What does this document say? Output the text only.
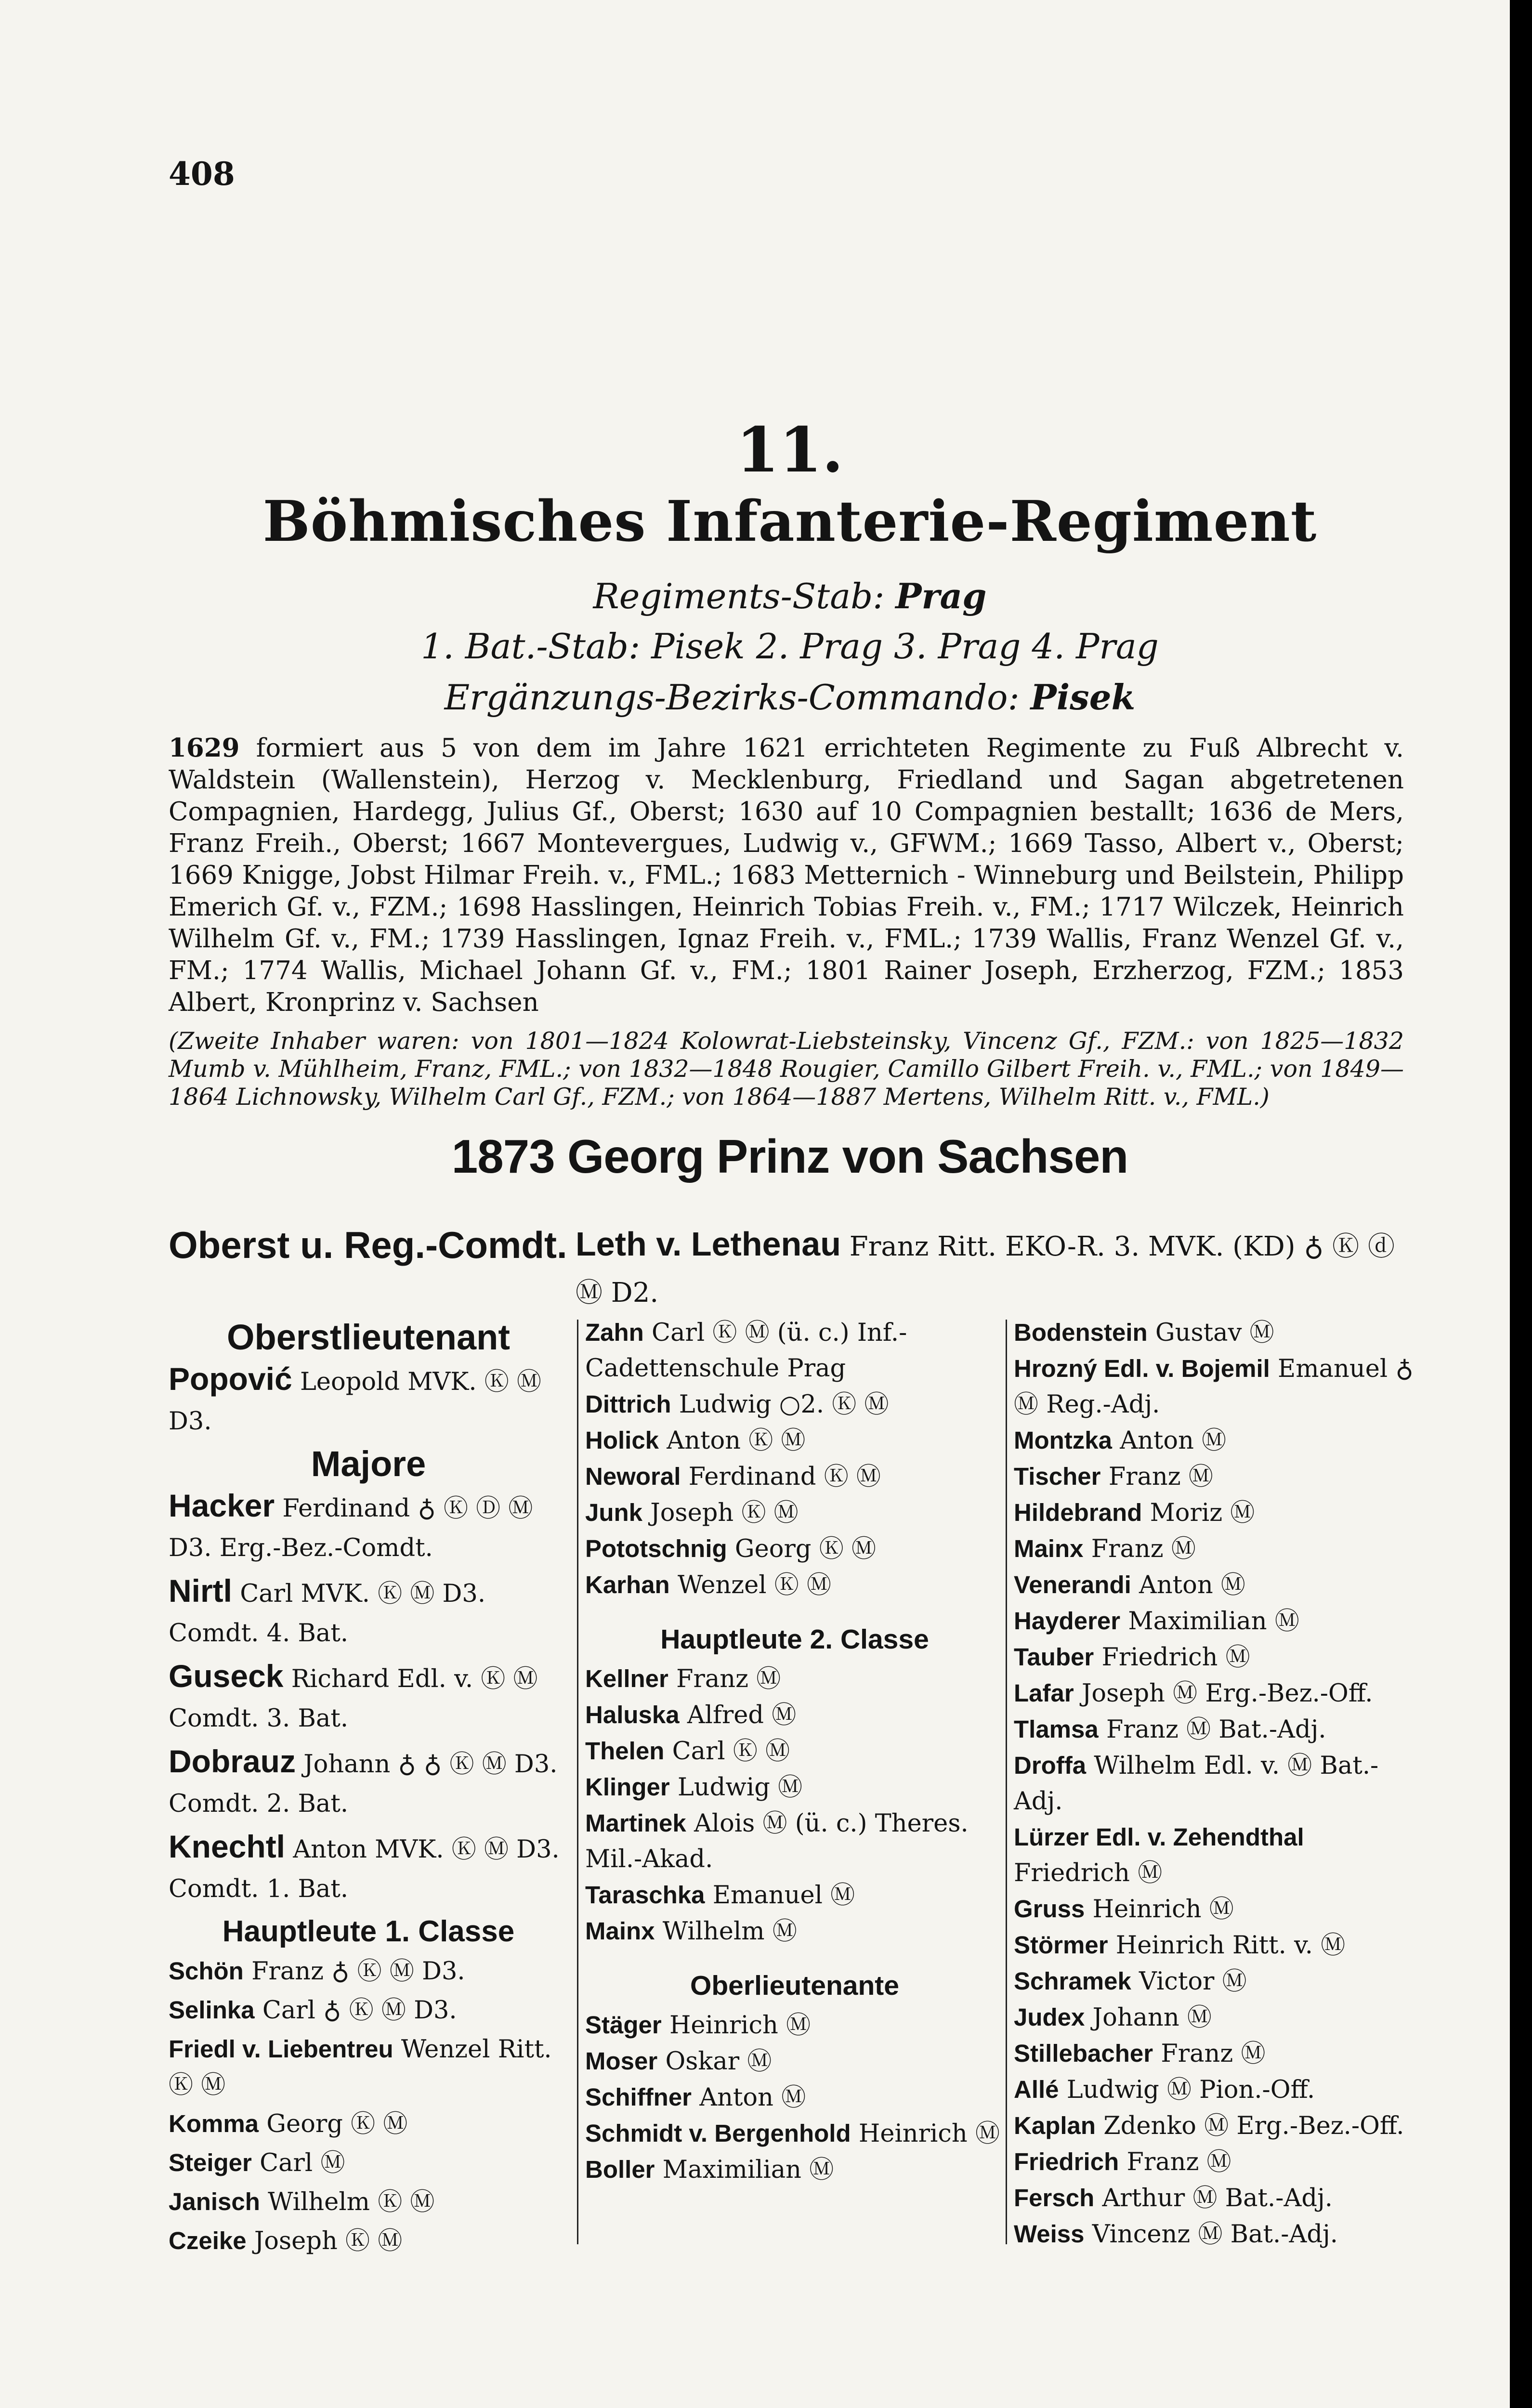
408
11.
Böhmisches Infanterie-Regiment
Regiments-Stab: Prag
1. Bat.-Stab: Pisek 2. Prag 3. Prag 4. Prag
Ergänzungs-Bezirks-Commando: Pisek
1629 formiert aus 5 von dem im Jahre 1621 errichteten Regimente zu Fuß Albrecht v. Waldstein (Wallenstein), Herzog v. Mecklenburg, Friedland und Sagan abgetretenen Compagnien, Hardegg, Julius Gf., Oberst; 1630 auf 10 Compagnien bestallt; 1636 de Mers, Franz Freih., Oberst; 1667 Montevergues, Ludwig v., GFWM.; 1669 Tasso, Albert v., Oberst; 1669 Knigge, Jobst Hilmar Freih. v., FML.; 1683 Metternich - Winneburg und Beilstein, Philipp Emerich Gf. v., FZM.; 1698 Hasslingen, Heinrich Tobias Freih. v., FM.; 1717 Wilczek, Heinrich Wilhelm Gf. v., FM.; 1739 Hasslingen, Ignaz Freih. v., FML.; 1739 Wallis, Franz Wenzel Gf. v., FM.; 1774 Wallis, Michael Johann Gf. v., FM.; 1801 Rainer Joseph, Erzherzog, FZM.; 1853 Albert, Kronprinz v. Sachsen
(Zweite Inhaber waren: von 1801—1824 Kolowrat-Liebsteinsky, Vincenz Gf., FZM.: von 1825—1832 Mumb v. Mühlheim, Franz, FML.; von 1832—1848 Rougier, Camillo Gilbert Freih. v., FML.; von 1849—1864 Lichnowsky, Wilhelm Carl Gf., FZM.; von 1864—1887 Mertens, Wilhelm Ritt. v., FML.)
1873 Georg Prinz von Sachsen
Oberst u. Reg.-Comdt. Leth v. Lethenau Franz Ritt. EKO-R. 3. MVK. (KD) ♁ Ⓚ ⓓ
Ⓜ D2.
Oberstlieutenant
Popović Leopold MVK. Ⓚ Ⓜ D3.
Majore
Hacker Ferdinand ♁ Ⓚ Ⓓ Ⓜ D3. Erg.-Bez.-Comdt.
Nirtl Carl MVK. Ⓚ Ⓜ D3. Comdt. 4. Bat.
Guseck Richard Edl. v. Ⓚ Ⓜ Comdt. 3. Bat.
Dobrauz Johann ♁ ♁ Ⓚ Ⓜ D3. Comdt. 2. Bat.
Knechtl Anton MVK. Ⓚ Ⓜ D3. Comdt. 1. Bat.
Hauptleute 1. Classe
Schön Franz ♁ Ⓚ Ⓜ D3.
Selinka Carl ♁ Ⓚ Ⓜ D3.
Friedl v. Liebentreu Wenzel Ritt. Ⓚ Ⓜ
Komma Georg Ⓚ Ⓜ
Steiger Carl Ⓜ
Janisch Wilhelm Ⓚ Ⓜ
Czeike Joseph Ⓚ Ⓜ
Zahn Carl Ⓚ Ⓜ (ü. c.) Inf.-Cadettenschule Prag
Dittrich Ludwig ○2. Ⓚ Ⓜ
Holick Anton Ⓚ Ⓜ
Neworal Ferdinand Ⓚ Ⓜ
Junk Joseph Ⓚ Ⓜ
Pototschnig Georg Ⓚ Ⓜ
Karhan Wenzel Ⓚ Ⓜ
Hauptleute 2. Classe
Kellner Franz Ⓜ
Haluska Alfred Ⓜ
Thelen Carl Ⓚ Ⓜ
Klinger Ludwig Ⓜ
Martinek Alois Ⓜ (ü. c.) Theres. Mil.-Akad.
Taraschka Emanuel Ⓜ
Mainx Wilhelm Ⓜ
Oberlieutenante
Stäger Heinrich Ⓜ
Moser Oskar Ⓜ
Schiffner Anton Ⓜ
Schmidt v. Bergenhold Heinrich Ⓜ
Boller Maximilian Ⓜ
Bodenstein Gustav Ⓜ
Hrozný Edl. v. Bojemil Emanuel ♁ Ⓜ Reg.-Adj.
Montzka Anton Ⓜ
Tischer Franz Ⓜ
Hildebrand Moriz Ⓜ
Mainx Franz Ⓜ
Venerandi Anton Ⓜ
Hayderer Maximilian Ⓜ
Tauber Friedrich Ⓜ
Lafar Joseph Ⓜ Erg.-Bez.-Off.
Tlamsa Franz Ⓜ Bat.-Adj.
Droffa Wilhelm Edl. v. Ⓜ Bat.-Adj.
Lürzer Edl. v. Zehendthal Friedrich Ⓜ
Gruss Heinrich Ⓜ
Störmer Heinrich Ritt. v. Ⓜ
Schramek Victor Ⓜ
Judex Johann Ⓜ
Stillebacher Franz Ⓜ
Allé Ludwig Ⓜ Pion.-Off.
Kaplan Zdenko Ⓜ Erg.-Bez.-Off.
Friedrich Franz Ⓜ
Fersch Arthur Ⓜ Bat.-Adj.
Weiss Vincenz Ⓜ Bat.-Adj.
